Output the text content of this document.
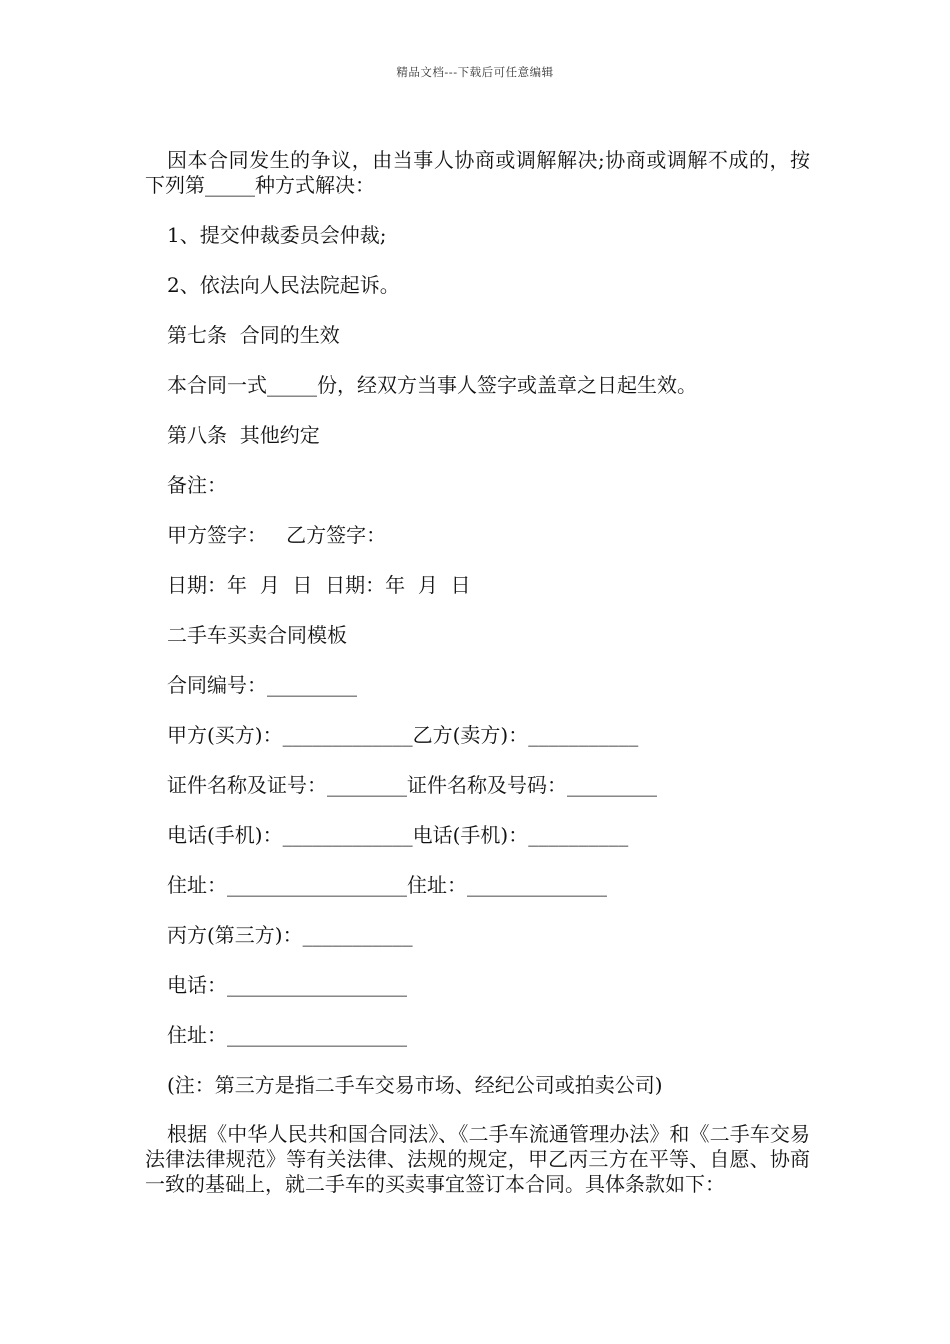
精品文档---下载后可任意编辑

因本合同发生的争议，由当事人协商或调解解决;协商或调解不成的，按下列第_____种方式解决：

1、提交仲裁委员会仲裁;

2、依法向人民法院起诉。

第七条  合同的生效

本合同一式_____份，经双方当事人签字或盖章之日起生效。

第八条  其他约定

备注：

甲方签字：   乙方签字：

日期：年  月  日  日期：年  月  日

二手车买卖合同模板

合同编号：_________

甲方(买方)：_____________乙方(卖方)：___________

证件名称及证号：________证件名称及号码：_________

电话(手机)：_____________电话(手机)：__________

住址：__________________住址：______________

丙方(第三方)：___________

电话：__________________

住址：__________________

(注：第三方是指二手车交易市场、经纪公司或拍卖公司)

根据《中华人民共和国合同法》、《二手车流通管理办法》和《二手车交易法律法律规范》等有关法律、法规的规定，甲乙丙三方在平等、自愿、协商一致的基础上，就二手车的买卖事宜签订本合同。具体条款如下：
